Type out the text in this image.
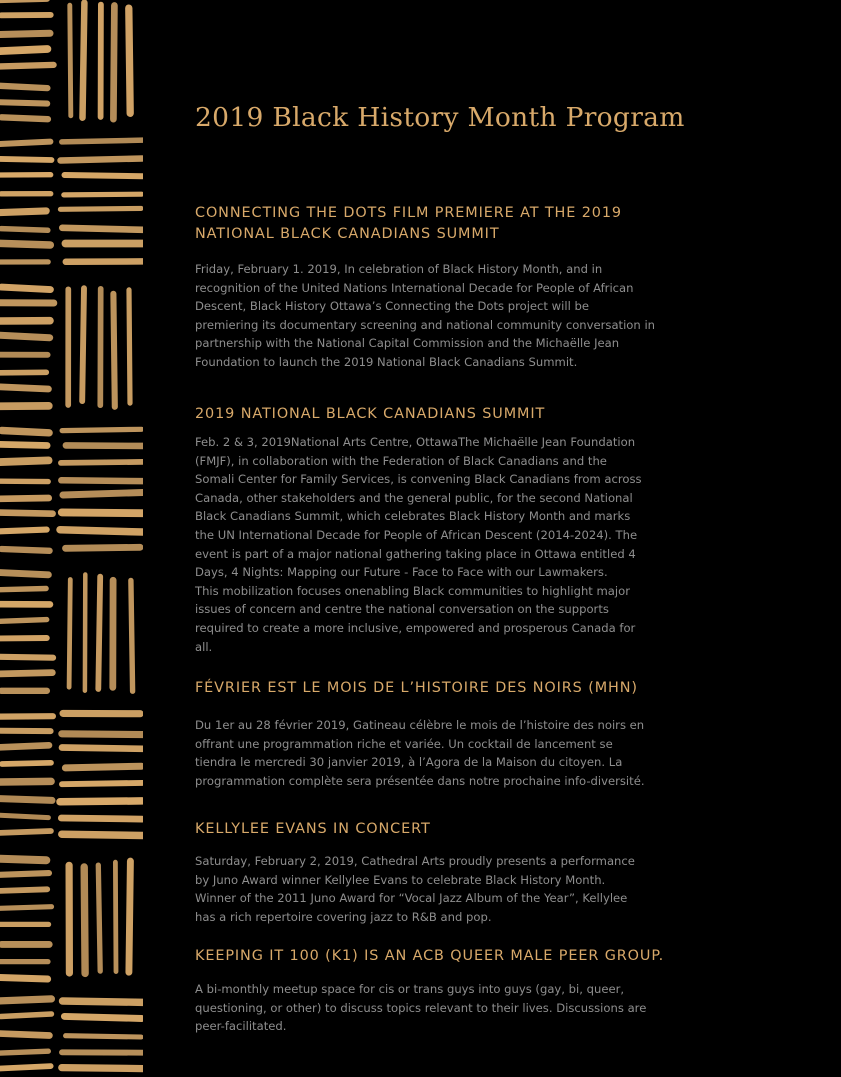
2019 Black History Month Program
CONNECTING THE DOTS FILM PREMIERE AT THE 2019
NATIONAL BLACK CANADIANS SUMMIT

Friday, February 1. 2019, In celebration of Black History Month, and in
recognition of the United Nations International Decade for People of African
Descent, Black History Ottawa’s Connecting the Dots project will be
premiering its documentary screening and national community conversation in
partnership with the National Capital Commission and the Michaëlle Jean
Foundation to launch the 2019 National Black Canadians Summit.

2019 NATIONAL BLACK CANADIANS SUMMIT

Feb. 2 & 3, 2019National Arts Centre, OttawaThe Michaëlle Jean Foundation
(FMJF), in collaboration with the Federation of Black Canadians and the
Somali Center for Family Services, is convening Black Canadians from across
Canada, other stakeholders and the general public, for the second National
Black Canadians Summit, which celebrates Black History Month and marks
the UN International Decade for People of African Descent (2014-2024). The
event is part of a major national gathering taking place in Ottawa entitled 4
Days, 4 Nights: Mapping our Future - Face to Face with our Lawmakers.
This mobilization focuses onenabling Black communities to highlight major
issues of concern and centre the national conversation on the supports
required to create a more inclusive, empowered and prosperous Canada for
all.

FÉVRIER EST LE MOIS DE L’HISTOIRE DES NOIRS (MHN)

Du 1er au 28 février 2019, Gatineau célèbre le mois de l’histoire des noirs en
offrant une programmation riche et variée. Un cocktail de lancement se
tiendra le mercredi 30 janvier 2019, à l’Agora de la Maison du citoyen. La
programmation complète sera présentée dans notre prochaine info-diversité.

KELLYLEE EVANS IN CONCERT

Saturday, February 2, 2019, Cathedral Arts proudly presents a performance
by Juno Award winner Kellylee Evans to celebrate Black History Month.
Winner of the 2011 Juno Award for “Vocal Jazz Album of the Year”, Kellylee
has a rich repertoire covering jazz to R&B and pop.

KEEPING IT 100 (K1) IS AN ACB QUEER MALE PEER GROUP.

A bi-monthly meetup space for cis or trans guys into guys (gay, bi, queer,
questioning, or other) to discuss topics relevant to their lives. Discussions are
peer-facilitated.
